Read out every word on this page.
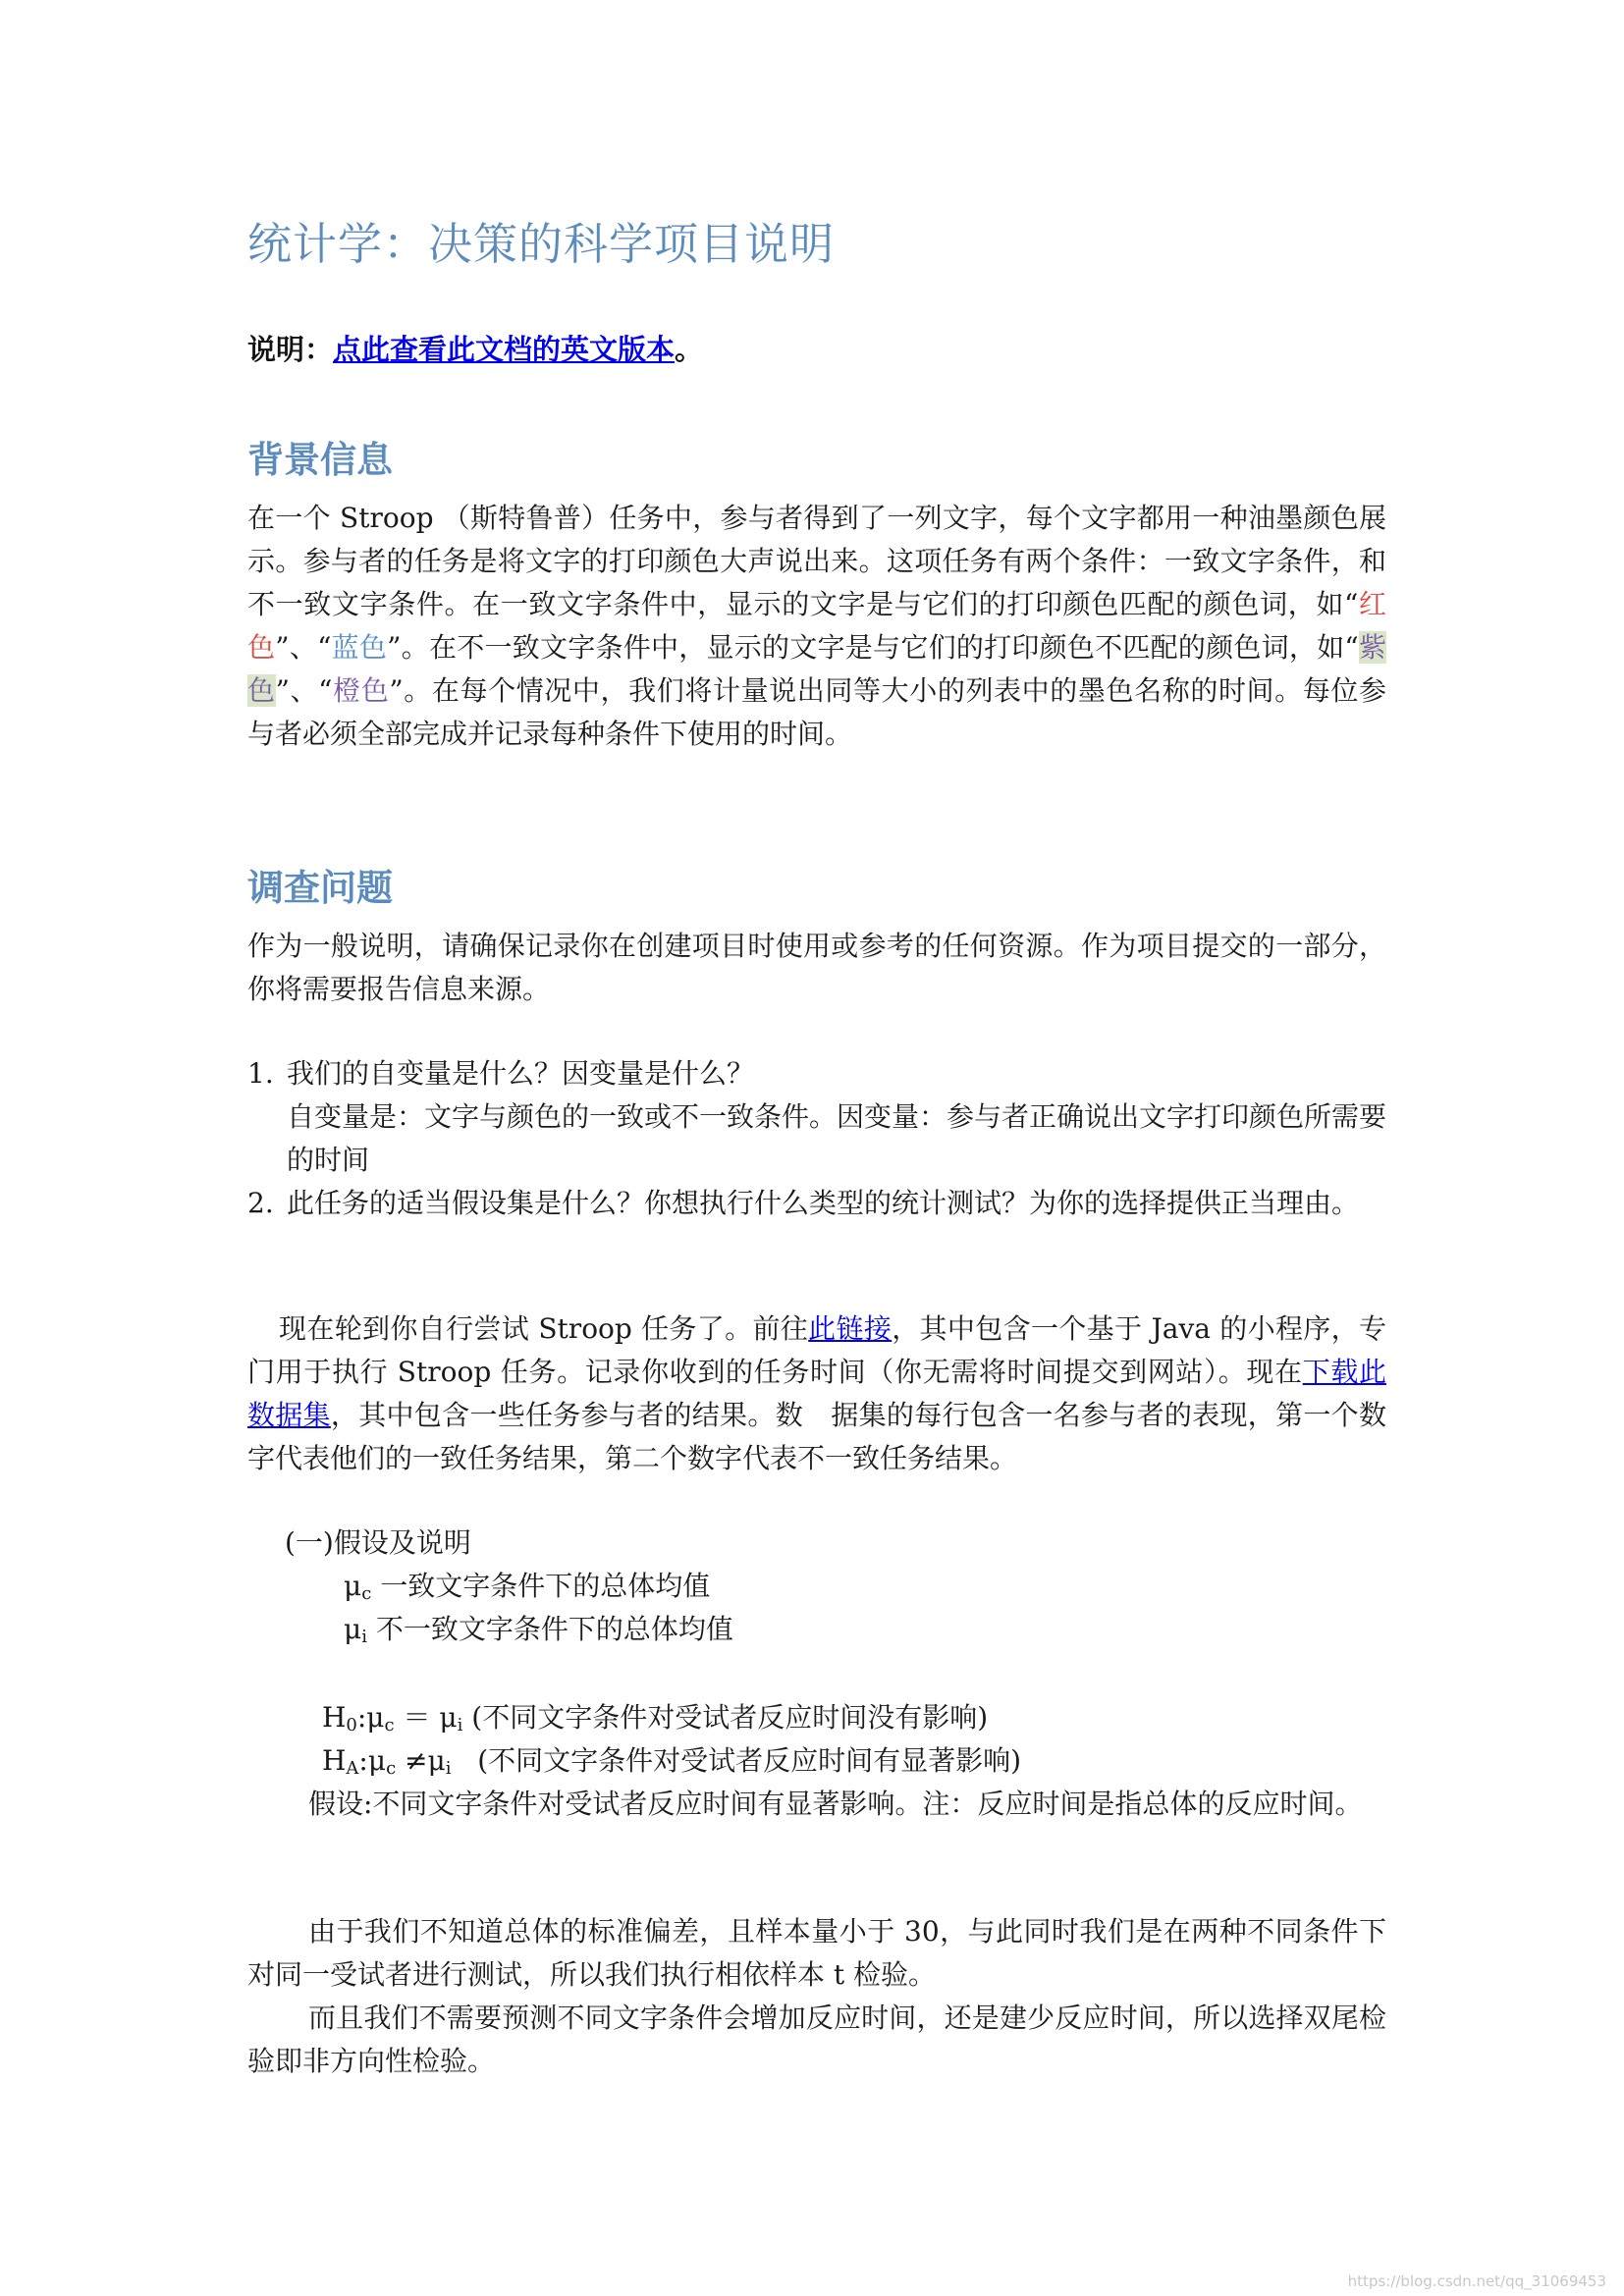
统计学：决策的科学项目说明
说明：点此查看此文档的英文版本。
背景信息

在一个 Stroop （斯特鲁普）任务中，参与者得到了一列文字，每个文字都用一种油墨颜色展示。参与者的任务是将文字的打印颜色大声说出来。这项任务有两个条件：一致文字条件，和不一致文字条件。在一致文字条件中，显示的文字是与它们的打印颜色匹配的颜色词，如“红色”、“蓝色”。在不一致文字条件中，显示的文字是与它们的打印颜色不匹配的颜色词，如“紫色”、“橙色”。在每个情况中，我们将计量说出同等大小的列表中的墨色名称的时间。每位参与者必须全部完成并记录每种条件下使用的时间。

调查问题

作为一般说明，请确保记录你在创建项目时使用或参考的任何资源。作为项目提交的一部分，你将需要报告信息来源。

1. 我们的自变量是什么？因变量是什么？
自变量是：文字与颜色的一致或不一致条件。因变量：参与者正确说出文字打印颜色所需要的时间
2. 此任务的适当假设集是什么？你想执行什么类型的统计测试？为你的选择提供正当理由。

现在轮到你自行尝试 Stroop 任务了。前往此链接，其中包含一个基于 Java 的小程序，专门用于执行 Stroop 任务。记录你收到的任务时间（你无需将时间提交到网站）。现在下载此数据集，其中包含一些任务参与者的结果。数　据集的每行包含一名参与者的表现，第一个数字代表他们的一致任务结果，第二个数字代表不一致任务结果。

(一)假设及说明
$\mu_c$ 一致文字条件下的总体均值
$\mu_i$ 不一致文字条件下的总体均值
$H_0:\mu_c = \mu_i$ (不同文字条件对受试者反应时间没有影响)
$H_A:\mu_c \ne\mu_i$ (不同文字条件对受试者反应时间有显著影响)

假设:不同文字条件对受试者反应时间有显著影响。注：反应时间是指总体的反应时间。

由于我们不知道总体的标准偏差，且样本量小于 30，与此同时我们是在两种不同条件下对同一受试者进行测试，所以我们执行相依样本 t 检验。

而且我们不需要预测不同文字条件会增加反应时间，还是建少反应时间，所以选择双尾检验即非方向性检验。

https://blog.csdn.net/qq_31069453
